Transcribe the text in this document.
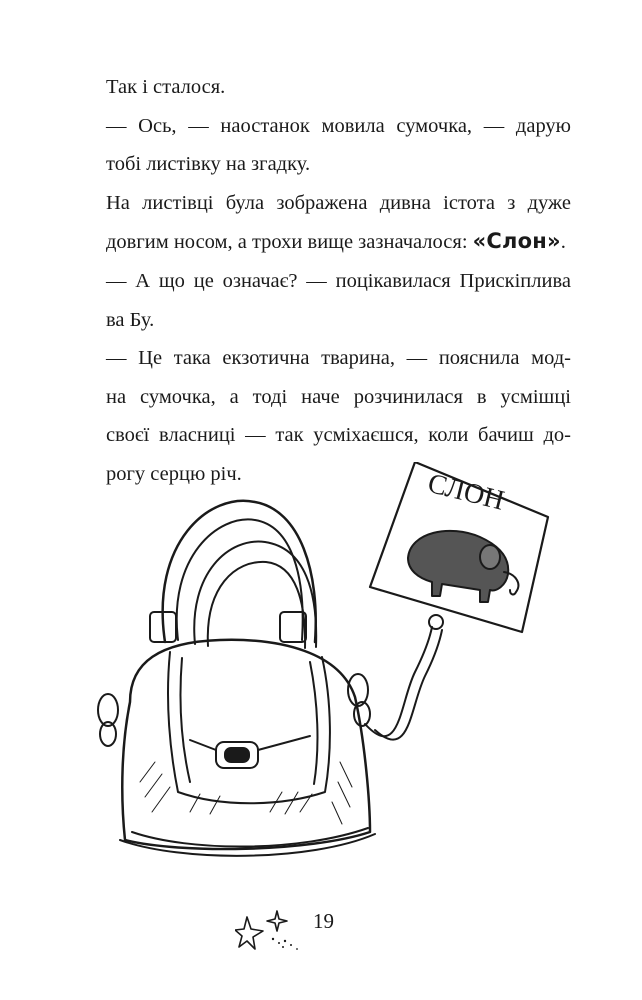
Так і сталося.
— Ось, — наостанок мовила сумочка, — дарую
тобі листівку на згадку.
На листівці була зображена дивна істота з дуже
довгим носом, а трохи вище зазначалося: «Слон».
— А що це означає? — поцікавилася Прискіплива
ва Бу.
— Це така екзотична тварина, — пояснила мод-
на сумочка, а тоді наче розчинилася в усмішці
своєї власниці — так усміхаєшся, коли бачиш до-
рогу серцю річ.	СЛОН
19
